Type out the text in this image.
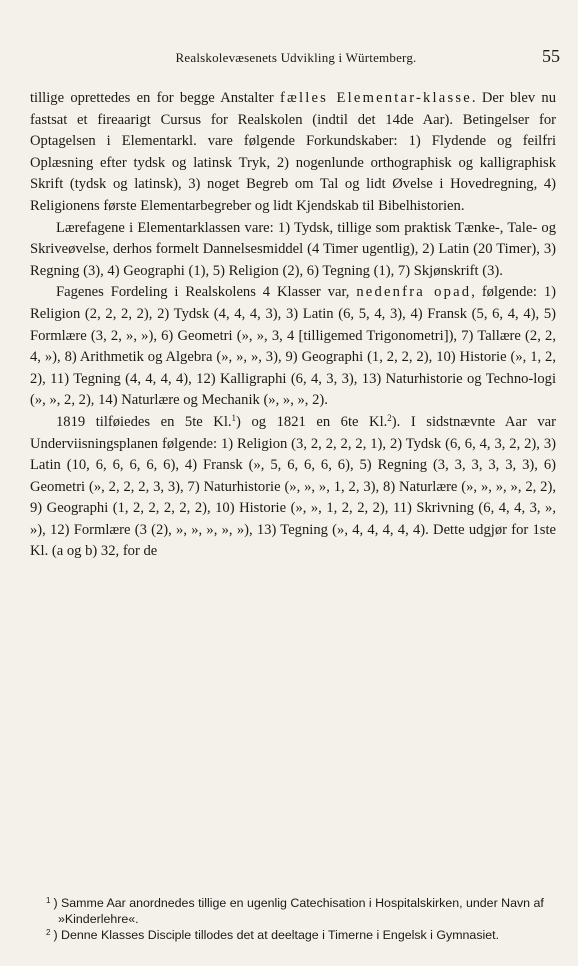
Realskolevæsenets Udvikling i Würtemberg.	55

tillige oprettedes en for begge Anstalter fælles Elementar-klasse. Der blev nu fastsat et fireaarigt Cursus for Realskolen (indtil det 14de Aar). Betingelser for Optagelsen i Elementarkl. vare følgende Forkundskaber: 1) Flydende og feilfri Oplæsning efter tydsk og latinsk Tryk, 2) nogenlunde orthographisk og kalligraphisk Skrift (tydsk og latinsk), 3) noget Begreb om Tal og lidt Øvelse i Hovedregning, 4) Religionens første Elementarbegreber og lidt Kjendskab til Bibelhistorien.

Lærefagene i Elementarklassen vare: 1) Tydsk, tillige som praktisk Tænke-, Tale- og Skriveøvelse, derhos formelt Dannelsesmiddel (4 Timer ugentlig), 2) Latin (20 Timer), 3) Regning (3), 4) Geographi (1), 5) Religion (2), 6) Tegning (1), 7) Skjønskrift (3).

Fagenes Fordeling i Realskolens 4 Klasser var, nedenfra opad, følgende: 1) Religion (2, 2, 2, 2), 2) Tydsk (4, 4, 4, 3), 3) Latin (6, 5, 4, 3), 4) Fransk (5, 6, 4, 4), 5) Formlære (3, 2, », »), 6) Geometri (», », 3, 4 [tilligemed Trigonometri]), 7) Tallære (2, 2, 4, »), 8) Arithmetik og Algebra (», », », 3), 9) Geographi (1, 2, 2, 2), 10) Historie (», 1, 2, 2), 11) Tegning (4, 4, 4, 4), 12) Kalligraphi (6, 4, 3, 3), 13) Naturhistorie og Techno-logi (», », 2, 2), 14) Naturlære og Mechanik (», », », 2).

1819 tilføiedes en 5te Kl.$^1$) og 1821 en 6te Kl.$^2$). I sidstnævnte Aar var Underviisningsplanen følgende: 1) Religion (3, 2, 2, 2, 2, 1), 2) Tydsk (6, 6, 4, 3, 2, 2), 3) Latin (10, 6, 6, 6, 6, 6), 4) Fransk (», 5, 6, 6, 6, 6), 5) Regning (3, 3, 3, 3, 3, 3), 6) Geometri (», 2, 2, 2, 3, 3), 7) Naturhistorie (», », », 1, 2, 3), 8) Naturlære (», », », », 2, 2), 9) Geographi (1, 2, 2, 2, 2, 2), 10) Historie (», », 1, 2, 2, 2), 11) Skrivning (6, 4, 4, 3, », »), 12) Formlære (3 (2), », », », », »), 13) Tegning (», 4, 4, 4, 4, 4). Dette udgjør for 1ste Kl. (a og b) 32, for de

$^1$ ) Samme Aar anordnedes tillige en ugenlig Catechisation i Hospitalskirken, under Navn af »Kinderlehre«.

$^2$ ) Denne Klasses Disciple tillodes det at deeltage i Timerne i Engelsk i Gymnasiet.
